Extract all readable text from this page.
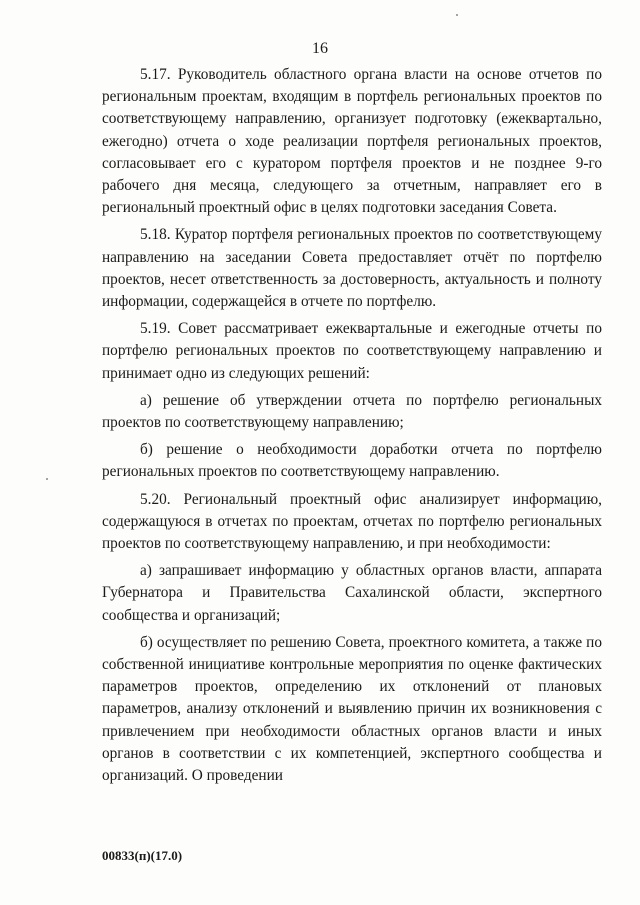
16

5.17. Руководитель областного органа власти на основе отчетов по региональным проектам, входящим в портфель региональных проектов по соответствующему направлению, организует подготовку (ежеквартально, ежегодно) отчета о ходе реализации портфеля региональных проектов, согласовывает его с куратором портфеля проектов и не позднее 9-го рабочего дня месяца, следующего за отчетным, направляет его в региональный проектный офис в целях подготовки заседания Совета.

5.18. Куратор портфеля региональных проектов по соответствующему направлению на заседании Совета предоставляет отчёт по портфелю проектов, несет ответственность за достоверность, актуальность и полноту информации, содержащейся в отчете по портфелю.

5.19. Совет рассматривает ежеквартальные и ежегодные отчеты по портфелю региональных проектов по соответствующему направлению и принимает одно из следующих решений:

а) решение об утверждении отчета по портфелю региональных проектов по соответствующему направлению;

б) решение о необходимости доработки отчета по портфелю региональных проектов по соответствующему направлению.

5.20. Региональный проектный офис анализирует информацию, содержащуюся в отчетах по проектам, отчетах по портфелю региональных проектов по соответствующему направлению, и при необходимости:

а) запрашивает информацию у областных органов власти, аппарата Губернатора и Правительства Сахалинской области, экспертного сообщества и организаций;

б) осуществляет по решению Совета, проектного комитета, а также по собственной инициативе контрольные мероприятия по оценке фактических параметров проектов, определению их отклонений от плановых параметров, анализу отклонений и выявлению причин их возникновения с привлечением при необходимости областных органов власти и иных органов в соответствии с их компетенцией, экспертного сообщества и организаций. О проведении

00833(п)(17.0)
